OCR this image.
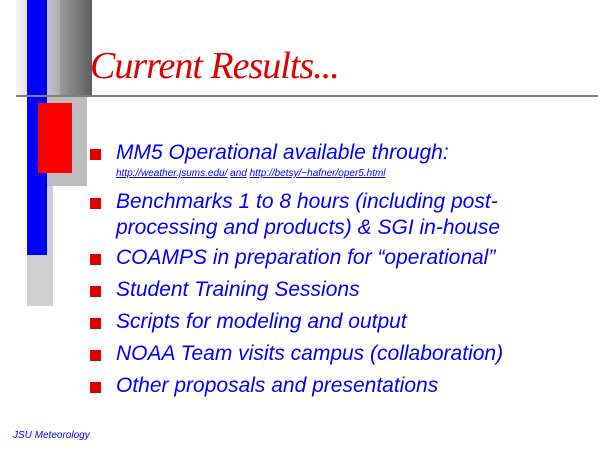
Current Results...
MM5 Operational available through:
http://weather.jsums.edu/ and http://betsy/~hafner/oper5.html
Benchmarks 1 to 8 hours (including post-processing and products) & SGI in-house
COAMPS in preparation for “operational”
Student Training Sessions
Scripts for modeling and output
NOAA Team visits campus (collaboration)
Other proposals and presentations
JSU Meteorology
